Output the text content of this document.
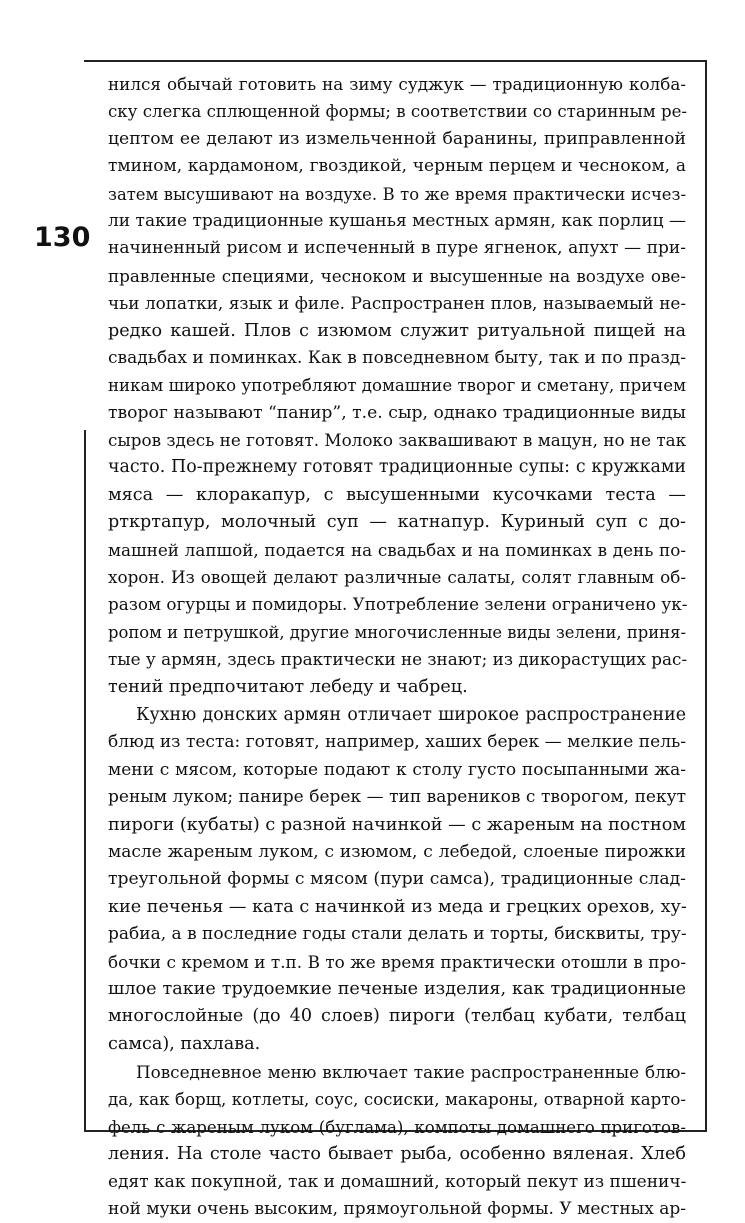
130
нился обычай готовить на зиму суджук — традиционную колба-
ску слегка сплющенной формы; в соответствии со старинным ре-
цептом ее делают из измельченной баранины, приправленной
тмином, кардамоном, гвоздикой, черным перцем и чесноком, а
затем высушивают на воздухе. В то же время практически исчез-
ли такие традиционные кушанья местных армян, как порлиц —
начиненный рисом и испеченный в пуре ягненок, апухт — при-
правленные специями, чесноком и высушенные на воздухе ове-
чьи лопатки, язык и филе. Распространен плов, называемый не-
редко кашей. Плов с изюмом служит ритуальной пищей на
свадьбах и поминках. Как в повседневном быту, так и по празд-
никам широко употребляют домашние творог и сметану, причем
творог называют “панир”, т.е. сыр, однако традиционные виды
сыров здесь не готовят. Молоко заквашивают в мацун, но не так
часто. По-прежнему готовят традиционные супы: с кружками
мяса — клоракапур, с высушенными кусочками теста —
рткртапур, молочный суп — катнапур. Куриный суп с до-
машней лапшой, подается на свадьбах и на поминках в день по-
хорон. Из овощей делают различные салаты, солят главным об-
разом огурцы и помидоры. Употребление зелени ограничено ук-
ропом и петрушкой, другие многочисленные виды зелени, приня-
тые у армян, здесь практически не знают; из дикорастущих рас-
тений предпочитают лебеду и чабрец.
Кухню донских армян отличает широкое распространение
блюд из теста: готовят, например, хаших берек — мелкие пель-
мени с мясом, которые подают к столу густо посыпанными жа-
реным луком; панире берек — тип вареников с творогом, пекут
пироги (кубаты) с разной начинкой — с жареным на постном
масле жареным луком, с изюмом, с лебедой, слоеные пирожки
треугольной формы с мясом (пури самса), традиционные слад-
кие печенья — ката с начинкой из меда и грецких орехов, ху-
рабиа, а в последние годы стали делать и торты, бисквиты, тру-
бочки с кремом и т.п. В то же время практически отошли в про-
шлое такие трудоемкие печеные изделия, как традиционные
многослойные (до 40 слоев) пироги (телбац кубати, телбац
самса), пахлава.
Повседневное меню включает такие распространенные блю-
да, как борщ, котлеты, соус, сосиски, макароны, отварной карто-
фель с жареным луком (буглама), компоты домашнего приготов-
ления. На столе часто бывает рыба, особенно вяленая. Хлеб
едят как покупной, так и домашний, который пекут из пшенич-
ной муки очень высоким, прямоугольной формы. У местных ар-
